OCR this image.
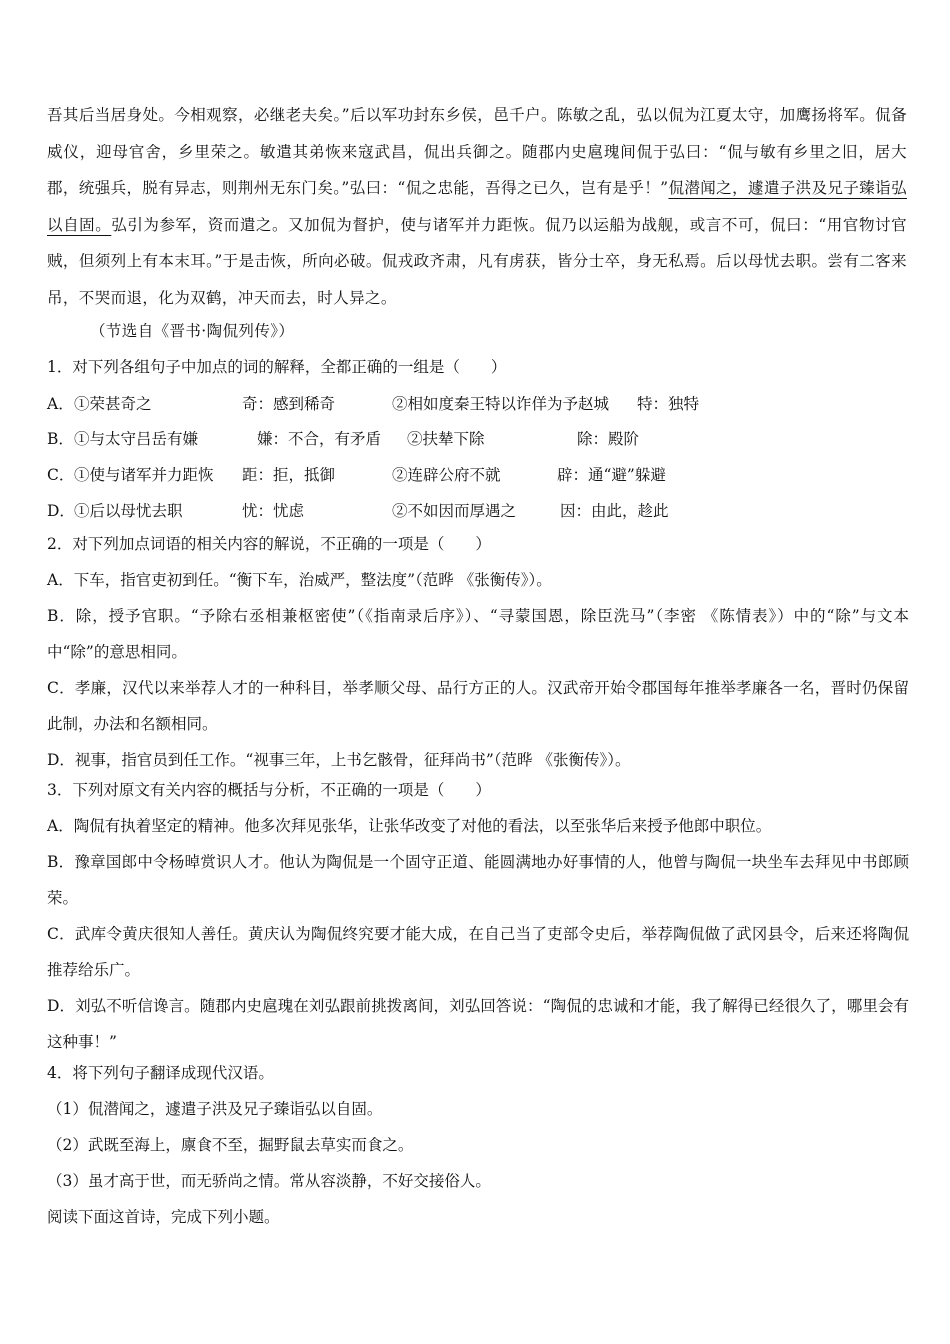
吾其后当居身处。今相观察，必继老夫矣。”后以军功封东乡侯，邑千户。陈敏之乱，弘以侃为江夏太守，加鹰扬将军。侃备威仪，迎母官舍，乡里荣之。敏遣其弟恢来寇武昌，侃出兵御之。随郡内史扈瑰间侃于弘曰：“侃与敏有乡里之旧，居大郡，统强兵，脱有异志，则荆州无东门矣。”弘曰：“侃之忠能，吾得之已久，岂有是乎！”侃潜闻之，遽遣子洪及兄子臻诣弘以自固。弘引为参军，资而遣之。又加侃为督护，使与诸军并力距恢。侃乃以运船为战舰，或言不可，侃曰：“用官物讨官贼，但须列上有本末耳。”于是击恢，所向必破。侃戎政齐肃，凡有虏获，皆分士卒，身无私焉。后以母忧去职。尝有二客来吊，不哭而退，化为双鹤，冲天而去，时人异之。

（节选自《晋书·陶侃列传》）

1．对下列各组句子中加点的词的解释，全都正确的一组是（　　）

A． ①荣甚奇之	奇：感到稀奇	②相如度秦王特以诈佯为予赵城 特：独特
B． ①与太守吕岳有嫌	嫌：不合，有矛盾 ②扶辇下除	除：殿阶
C． ①使与诸军并力距恢 距：拒，抵御	②连辟公府不就	辟：通“避”躲避
D． ①后以母忧去职	忧：忧虑	②不如因而厚遇之	因：由此，趁此

2．对下列加点词语的相关内容的解说，不正确的一项是（　　）

A．下车，指官吏初到任。“衡下车，治威严，整法度”（范晔 《张衡传》）。

B．除，授予官职。“予除右丞相兼枢密使”（《指南录后序》）、“寻蒙国恩，除臣洗马”（李密 《陈情表》）中的“除”与文本中“除”的意思相同。

C．孝廉，汉代以来举荐人才的一种科目，举孝顺父母、品行方正的人。汉武帝开始令郡国每年推举孝廉各一名，晋时仍保留此制，办法和名额相同。

D．视事，指官员到任工作。“视事三年，上书乞骸骨，征拜尚书”（范晔 《张衡传》）。

3．下列对原文有关内容的概括与分析，不正确的一项是（　　）

A．陶侃有执着坚定的精神。他多次拜见张华，让张华改变了对他的看法，以至张华后来授予他郎中职位。

B．豫章国郎中令杨晫赏识人才。他认为陶侃是一个固守正道、能圆满地办好事情的人，他曾与陶侃一块坐车去拜见中书郎顾荣。

C．武库令黄庆很知人善任。黄庆认为陶侃终究要才能大成，在自己当了吏部令史后，举荐陶侃做了武冈县令，后来还将陶侃推荐给乐广。

D．刘弘不听信谗言。随郡内史扈瑰在刘弘跟前挑拨离间，刘弘回答说：“陶侃的忠诚和才能，我了解得已经很久了，哪里会有这种事！”

4．将下列句子翻译成现代汉语。

（1）侃潜闻之，遽遣子洪及兄子臻诣弘以自固。

（2）武既至海上，廪食不至，掘野鼠去草实而食之。

（3）虽才高于世，而无骄尚之情。常从容淡静，不好交接俗人。

阅读下面这首诗，完成下列小题。
